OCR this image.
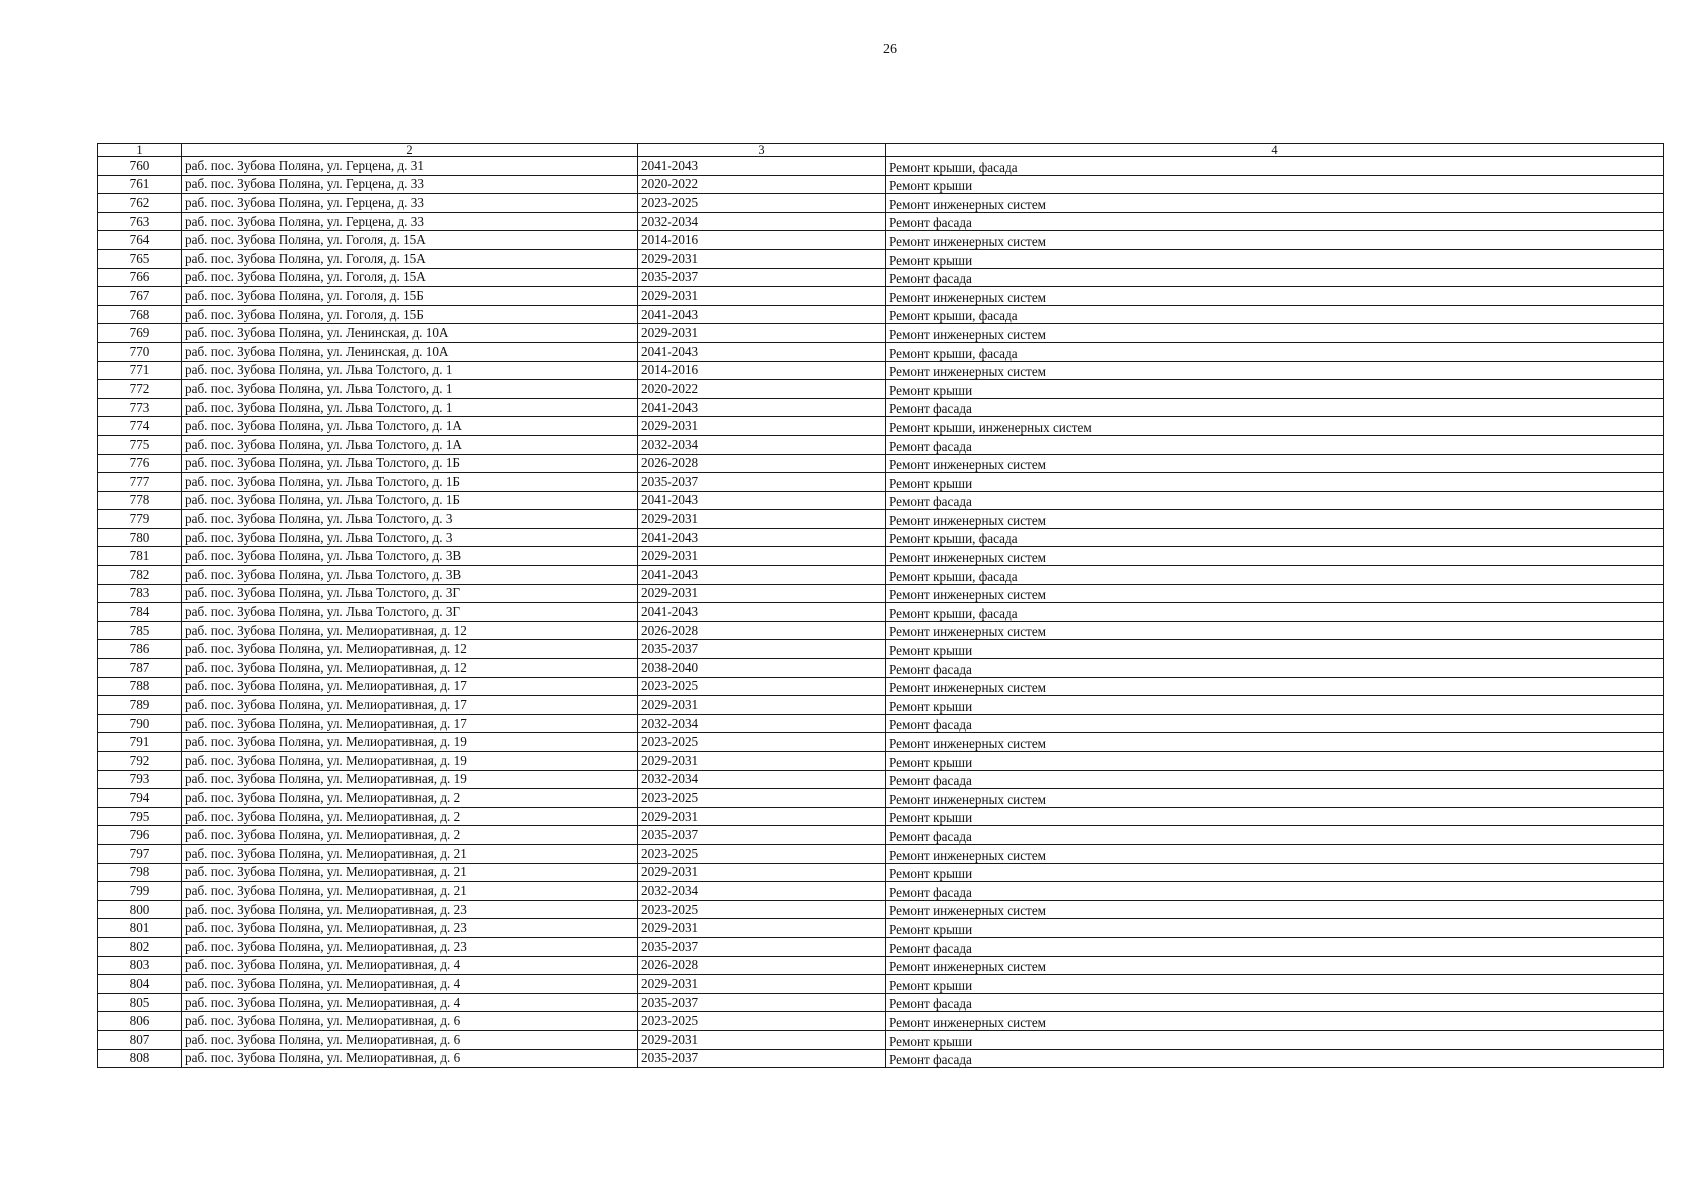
26
1	2	3	4
760	раб. пос. Зубова Поляна, ул. Герцена, д. 31	2041-2043	Ремонт крыши, фасада
761	раб. пос. Зубова Поляна, ул. Герцена, д. 33	2020-2022	Ремонт крыши
762	раб. пос. Зубова Поляна, ул. Герцена, д. 33	2023-2025	Ремонт инженерных систем
763	раб. пос. Зубова Поляна, ул. Герцена, д. 33	2032-2034	Ремонт фасада
764	раб. пос. Зубова Поляна, ул. Гоголя, д. 15А	2014-2016	Ремонт инженерных систем
765	раб. пос. Зубова Поляна, ул. Гоголя, д. 15А	2029-2031	Ремонт крыши
766	раб. пос. Зубова Поляна, ул. Гоголя, д. 15А	2035-2037	Ремонт фасада
767	раб. пос. Зубова Поляна, ул. Гоголя, д. 15Б	2029-2031	Ремонт инженерных систем
768	раб. пос. Зубова Поляна, ул. Гоголя, д. 15Б	2041-2043	Ремонт крыши, фасада
769	раб. пос. Зубова Поляна, ул. Ленинская, д. 10А	2029-2031	Ремонт инженерных систем
770	раб. пос. Зубова Поляна, ул. Ленинская, д. 10А	2041-2043	Ремонт крыши, фасада
771	раб. пос. Зубова Поляна, ул. Льва Толстого, д. 1	2014-2016	Ремонт инженерных систем
772	раб. пос. Зубова Поляна, ул. Льва Толстого, д. 1	2020-2022	Ремонт крыши
773	раб. пос. Зубова Поляна, ул. Льва Толстого, д. 1	2041-2043	Ремонт фасада
774	раб. пос. Зубова Поляна, ул. Льва Толстого, д. 1А	2029-2031	Ремонт крыши, инженерных систем
775	раб. пос. Зубова Поляна, ул. Льва Толстого, д. 1А	2032-2034	Ремонт фасада
776	раб. пос. Зубова Поляна, ул. Льва Толстого, д. 1Б	2026-2028	Ремонт инженерных систем
777	раб. пос. Зубова Поляна, ул. Льва Толстого, д. 1Б	2035-2037	Ремонт крыши
778	раб. пос. Зубова Поляна, ул. Льва Толстого, д. 1Б	2041-2043	Ремонт фасада
779	раб. пос. Зубова Поляна, ул. Льва Толстого, д. 3	2029-2031	Ремонт инженерных систем
780	раб. пос. Зубова Поляна, ул. Льва Толстого, д. 3	2041-2043	Ремонт крыши, фасада
781	раб. пос. Зубова Поляна, ул. Льва Толстого, д. 3В	2029-2031	Ремонт инженерных систем
782	раб. пос. Зубова Поляна, ул. Льва Толстого, д. 3В	2041-2043	Ремонт крыши, фасада
783	раб. пос. Зубова Поляна, ул. Льва Толстого, д. 3Г	2029-2031	Ремонт инженерных систем
784	раб. пос. Зубова Поляна, ул. Льва Толстого, д. 3Г	2041-2043	Ремонт крыши, фасада
785	раб. пос. Зубова Поляна, ул. Мелиоративная, д. 12	2026-2028	Ремонт инженерных систем
786	раб. пос. Зубова Поляна, ул. Мелиоративная, д. 12	2035-2037	Ремонт крыши
787	раб. пос. Зубова Поляна, ул. Мелиоративная, д. 12	2038-2040	Ремонт фасада
788	раб. пос. Зубова Поляна, ул. Мелиоративная, д. 17	2023-2025	Ремонт инженерных систем
789	раб. пос. Зубова Поляна, ул. Мелиоративная, д. 17	2029-2031	Ремонт крыши
790	раб. пос. Зубова Поляна, ул. Мелиоративная, д. 17	2032-2034	Ремонт фасада
791	раб. пос. Зубова Поляна, ул. Мелиоративная, д. 19	2023-2025	Ремонт инженерных систем
792	раб. пос. Зубова Поляна, ул. Мелиоративная, д. 19	2029-2031	Ремонт крыши
793	раб. пос. Зубова Поляна, ул. Мелиоративная, д. 19	2032-2034	Ремонт фасада
794	раб. пос. Зубова Поляна, ул. Мелиоративная, д. 2	2023-2025	Ремонт инженерных систем
795	раб. пос. Зубова Поляна, ул. Мелиоративная, д. 2	2029-2031	Ремонт крыши
796	раб. пос. Зубова Поляна, ул. Мелиоративная, д. 2	2035-2037	Ремонт фасада
797	раб. пос. Зубова Поляна, ул. Мелиоративная, д. 21	2023-2025	Ремонт инженерных систем
798	раб. пос. Зубова Поляна, ул. Мелиоративная, д. 21	2029-2031	Ремонт крыши
799	раб. пос. Зубова Поляна, ул. Мелиоративная, д. 21	2032-2034	Ремонт фасада
800	раб. пос. Зубова Поляна, ул. Мелиоративная, д. 23	2023-2025	Ремонт инженерных систем
801	раб. пос. Зубова Поляна, ул. Мелиоративная, д. 23	2029-2031	Ремонт крыши
802	раб. пос. Зубова Поляна, ул. Мелиоративная, д. 23	2035-2037	Ремонт фасада
803	раб. пос. Зубова Поляна, ул. Мелиоративная, д. 4	2026-2028	Ремонт инженерных систем
804	раб. пос. Зубова Поляна, ул. Мелиоративная, д. 4	2029-2031	Ремонт крыши
805	раб. пос. Зубова Поляна, ул. Мелиоративная, д. 4	2035-2037	Ремонт фасада
806	раб. пос. Зубова Поляна, ул. Мелиоративная, д. 6	2023-2025	Ремонт инженерных систем
807	раб. пос. Зубова Поляна, ул. Мелиоративная, д. 6	2029-2031	Ремонт крыши
808	раб. пос. Зубова Поляна, ул. Мелиоративная, д. 6	2035-2037	Ремонт фасада
